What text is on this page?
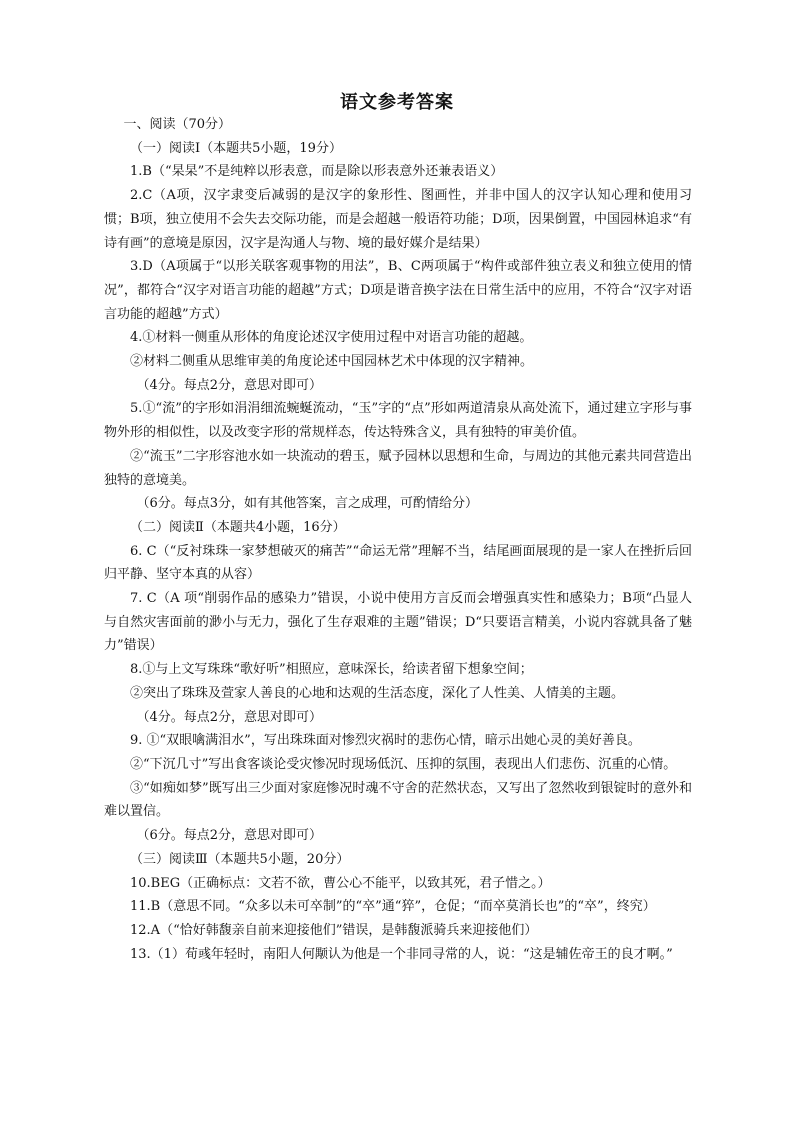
语文参考答案

一、阅读（70分）

（一）阅读Ⅰ（本题共5小题，19分）

1.B（“杲杲”不是纯粹以形表意，而是除以形表意外还兼表语义）

2.C（A项，汉字隶变后减弱的是汉字的象形性、图画性，并非中国人的汉字认知心理和使用习惯；B项，独立使用不会失去交际功能，而是会超越一般语符功能；D项，因果倒置，中国园林追求“有诗有画”的意境是原因，汉字是沟通人与物、境的最好媒介是结果）

3.D（A项属于“以形关联客观事物的用法”，B、C两项属于“构件或部件独立表义和独立使用的情况”，都符合“汉字对语言功能的超越”方式；D项是谐音换字法在日常生活中的应用，不符合“汉字对语言功能的超越”方式）

4.①材料一侧重从形体的角度论述汉字使用过程中对语言功能的超越。

②材料二侧重从思维审美的角度论述中国园林艺术中体现的汉字精神。

（4分。每点2分，意思对即可）

5.①“流”的字形如涓涓细流蜿蜒流动，“玉”字的“点”形如两道清泉从高处流下，通过建立字形与事物外形的相似性，以及改变字形的常规样态，传达特殊含义，具有独特的审美价值。

②“流玉”二字形容池水如一块流动的碧玉，赋予园林以思想和生命，与周边的其他元素共同营造出独特的意境美。

（6分。每点3分，如有其他答案，言之成理，可酌情给分）

（二）阅读Ⅱ（本题共4小题，16分）

6. C（“反衬珠珠一家梦想破灭的痛苦”“命运无常”理解不当，结尾画面展现的是一家人在挫折后回归平静、坚守本真的从容）

7. C（A 项“削弱作品的感染力”错误，小说中使用方言反而会增强真实性和感染力；B项“凸显人与自然灾害面前的渺小与无力，强化了生存艰难的主题”错误；D“只要语言精美，小说内容就具备了魅力”错误）

8.①与上文写珠珠“歌好听”相照应，意味深长，给读者留下想象空间；

②突出了珠珠及萱家人善良的心地和达观的生活态度，深化了人性美、人情美的主题。

（4分。每点2分，意思对即可）

9. ①“双眼噙满泪水”，写出珠珠面对惨烈灾祸时的悲伤心情，暗示出她心灵的美好善良。

②“下沉几寸”写出食客谈论受灾惨况时现场低沉、压抑的氛围，表现出人们悲伤、沉重的心情。

③“如痴如梦”既写出三少面对家庭惨况时魂不守舍的茫然状态，又写出了忽然收到银锭时的意外和难以置信。

（6分。每点2分，意思对即可）

（三）阅读Ⅲ（本题共5小题，20分）

10.BEG（正确标点：文若不欲，曹公心不能平，以致其死，君子惜之。）

11.B（意思不同。“众多以未可卒制”的“卒”通“猝”，仓促；“而卒莫消长也”的“卒”，终究）

12.A（“恰好韩馥亲自前来迎接他们”错误，是韩馥派骑兵来迎接他们）

13.（1）荀彧年轻时，南阳人何颙认为他是一个非同寻常的人，说：“这是辅佐帝王的良才啊。”
